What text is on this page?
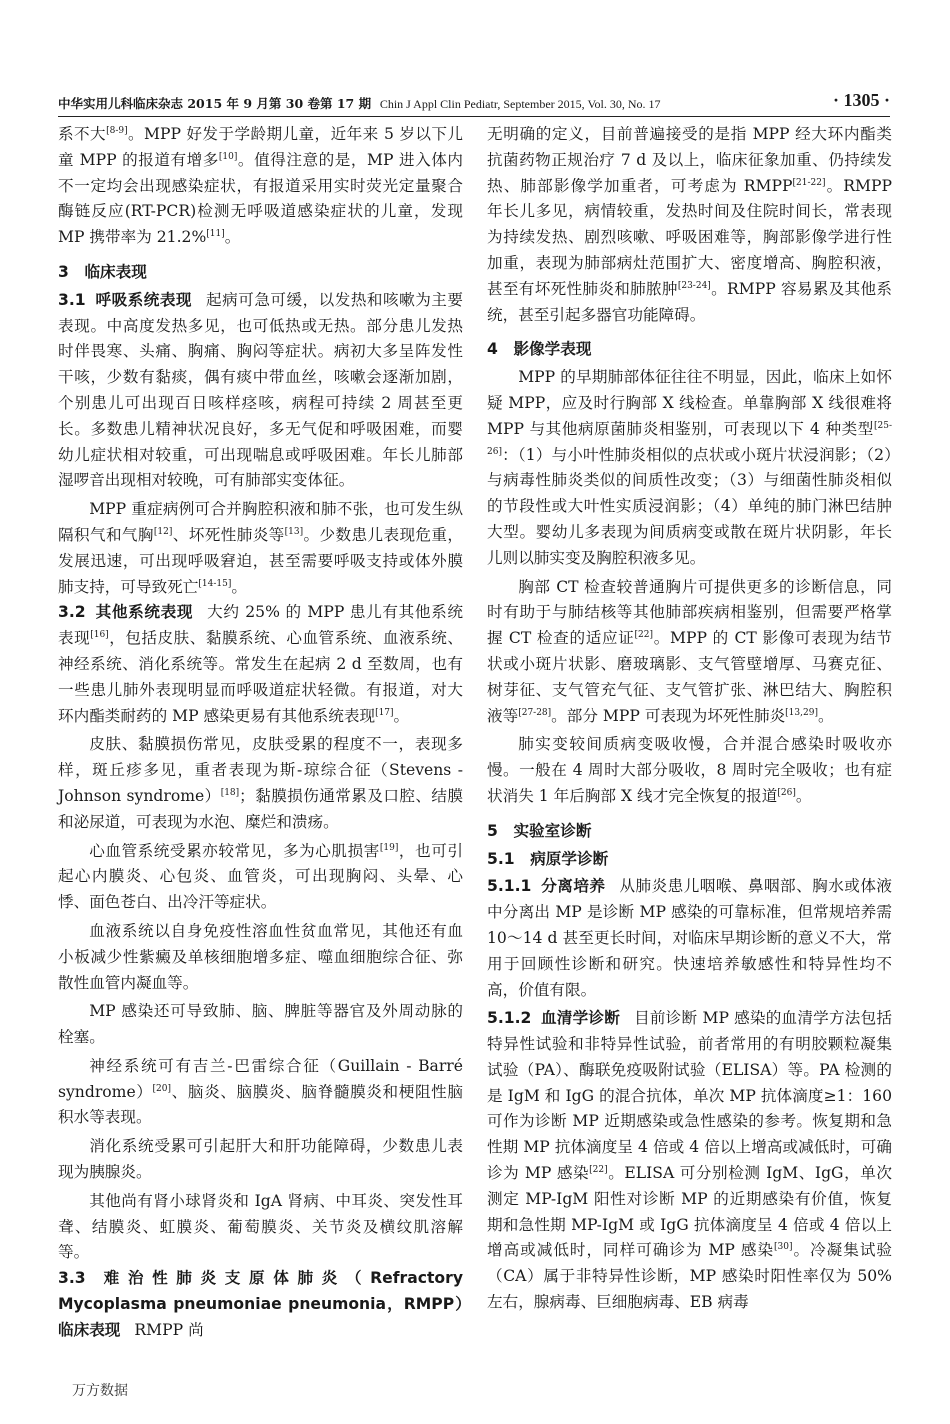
中华实用儿科临床杂志 2015 年 9 月第 30 卷第 17 期 Chin J Appl Clin Pediatr, September 2015, Vol. 30, No. 17	· 1305 ·

系不大[8-9]。MPP 好发于学龄期儿童，近年来 5 岁以下儿童 MPP 的报道有增多[10]。值得注意的是，MP 进入体内不一定均会出现感染症状，有报道采用实时荧光定量聚合酶链反应(RT-PCR)检测无呼吸道感染症状的儿童，发现 MP 携带率为 21.2%[11]。

3　临床表现

3.1 呼吸系统表现 起病可急可缓，以发热和咳嗽为主要表现。中高度发热多见，也可低热或无热。部分患儿发热时伴畏寒、头痛、胸痛、胸闷等症状。病初大多呈阵发性干咳，少数有黏痰，偶有痰中带血丝，咳嗽会逐渐加剧，个别患儿可出现百日咳样痉咳，病程可持续 2 周甚至更长。多数患儿精神状况良好，多无气促和呼吸困难，而婴幼儿症状相对较重，可出现喘息或呼吸困难。年长儿肺部湿啰音出现相对较晚，可有肺部实变体征。

MPP 重症病例可合并胸腔积液和肺不张，也可发生纵隔积气和气胸[12]、坏死性肺炎等[13]。少数患儿表现危重，发展迅速，可出现呼吸窘迫，甚至需要呼吸支持或体外膜肺支持，可导致死亡[14-15]。

3.2 其他系统表现 大约 25% 的 MPP 患儿有其他系统表现[16]，包括皮肤、黏膜系统、心血管系统、血液系统、神经系统、消化系统等。常发生在起病 2 d 至数周，也有一些患儿肺外表现明显而呼吸道症状轻微。有报道，对大环内酯类耐药的 MP 感染更易有其他系统表现[17]。

皮肤、黏膜损伤常见，皮肤受累的程度不一，表现多样，斑丘疹多见，重者表现为斯-琼综合征（Stevens - Johnson syndrome）[18]；黏膜损伤通常累及口腔、结膜和泌尿道，可表现为水泡、糜烂和溃疡。

心血管系统受累亦较常见，多为心肌损害[19]，也可引起心内膜炎、心包炎、血管炎，可出现胸闷、头晕、心悸、面色苍白、出冷汗等症状。

血液系统以自身免疫性溶血性贫血常见，其他还有血小板减少性紫癜及单核细胞增多症、噬血细胞综合征、弥散性血管内凝血等。

MP 感染还可导致肺、脑、脾脏等器官及外周动脉的栓塞。

神经系统可有吉兰-巴雷综合征（Guillain - Barré syndrome）[20]、脑炎、脑膜炎、脑脊髓膜炎和梗阻性脑积水等表现。

消化系统受累可引起肝大和肝功能障碍，少数患儿表现为胰腺炎。

其他尚有肾小球肾炎和 IgA 肾病、中耳炎、突发性耳聋、结膜炎、虹膜炎、葡萄膜炎、关节炎及横纹肌溶解等。

3.3 难治性肺炎支原体肺炎（Refractory Mycoplasma pneumoniae pneumonia，RMPP）临床表现 RMPP 尚

无明确的定义，目前普遍接受的是指 MPP 经大环内酯类抗菌药物正规治疗 7 d 及以上，临床征象加重、仍持续发热、肺部影像学加重者，可考虑为 RMPP[21-22]。RMPP 年长儿多见，病情较重，发热时间及住院时间长，常表现为持续发热、剧烈咳嗽、呼吸困难等，胸部影像学进行性加重，表现为肺部病灶范围扩大、密度增高、胸腔积液，甚至有坏死性肺炎和肺脓肿[23-24]。RMPP 容易累及其他系统，甚至引起多器官功能障碍。

4　影像学表现

MPP 的早期肺部体征往往不明显，因此，临床上如怀疑 MPP，应及时行胸部 X 线检查。单靠胸部 X 线很难将 MPP 与其他病原菌肺炎相鉴别，可表现以下 4 种类型[25-26]：（1）与小叶性肺炎相似的点状或小斑片状浸润影；（2）与病毒性肺炎类似的间质性改变；（3）与细菌性肺炎相似的节段性或大叶性实质浸润影；（4）单纯的肺门淋巴结肿大型。婴幼儿多表现为间质病变或散在斑片状阴影，年长儿则以肺实变及胸腔积液多见。

胸部 CT 检查较普通胸片可提供更多的诊断信息，同时有助于与肺结核等其他肺部疾病相鉴别，但需要严格掌握 CT 检查的适应证[22]。MPP 的 CT 影像可表现为结节状或小斑片状影、磨玻璃影、支气管壁增厚、马赛克征、树芽征、支气管充气征、支气管扩张、淋巴结大、胸腔积液等[27-28]。部分 MPP 可表现为坏死性肺炎[13,29]。

肺实变较间质病变吸收慢，合并混合感染时吸收亦慢。一般在 4 周时大部分吸收，8 周时完全吸收；也有症状消失 1 年后胸部 X 线才完全恢复的报道[26]。

5　实验室诊断
5.1　病原学诊断

5.1.1 分离培养 从肺炎患儿咽喉、鼻咽部、胸水或体液中分离出 MP 是诊断 MP 感染的可靠标准，但常规培养需 10～14 d 甚至更长时间，对临床早期诊断的意义不大，常用于回顾性诊断和研究。快速培养敏感性和特异性均不高，价值有限。

5.1.2 血清学诊断 目前诊断 MP 感染的血清学方法包括特异性试验和非特异性试验，前者常用的有明胶颗粒凝集试验（PA）、酶联免疫吸附试验（ELISA）等。PA 检测的是 IgM 和 IgG 的混合抗体，单次 MP 抗体滴度≥1：160 可作为诊断 MP 近期感染或急性感染的参考。恢复期和急性期 MP 抗体滴度呈 4 倍或 4 倍以上增高或减低时，可确诊为 MP 感染[22]。ELISA 可分别检测 IgM、IgG，单次测定 MP-IgM 阳性对诊断 MP 的近期感染有价值，恢复期和急性期 MP-IgM 或 IgG 抗体滴度呈 4 倍或 4 倍以上增高或减低时，同样可确诊为 MP 感染[30]。冷凝集试验（CA）属于非特异性诊断，MP 感染时阳性率仅为 50% 左右，腺病毒、巨细胞病毒、EB 病毒

万方数据
